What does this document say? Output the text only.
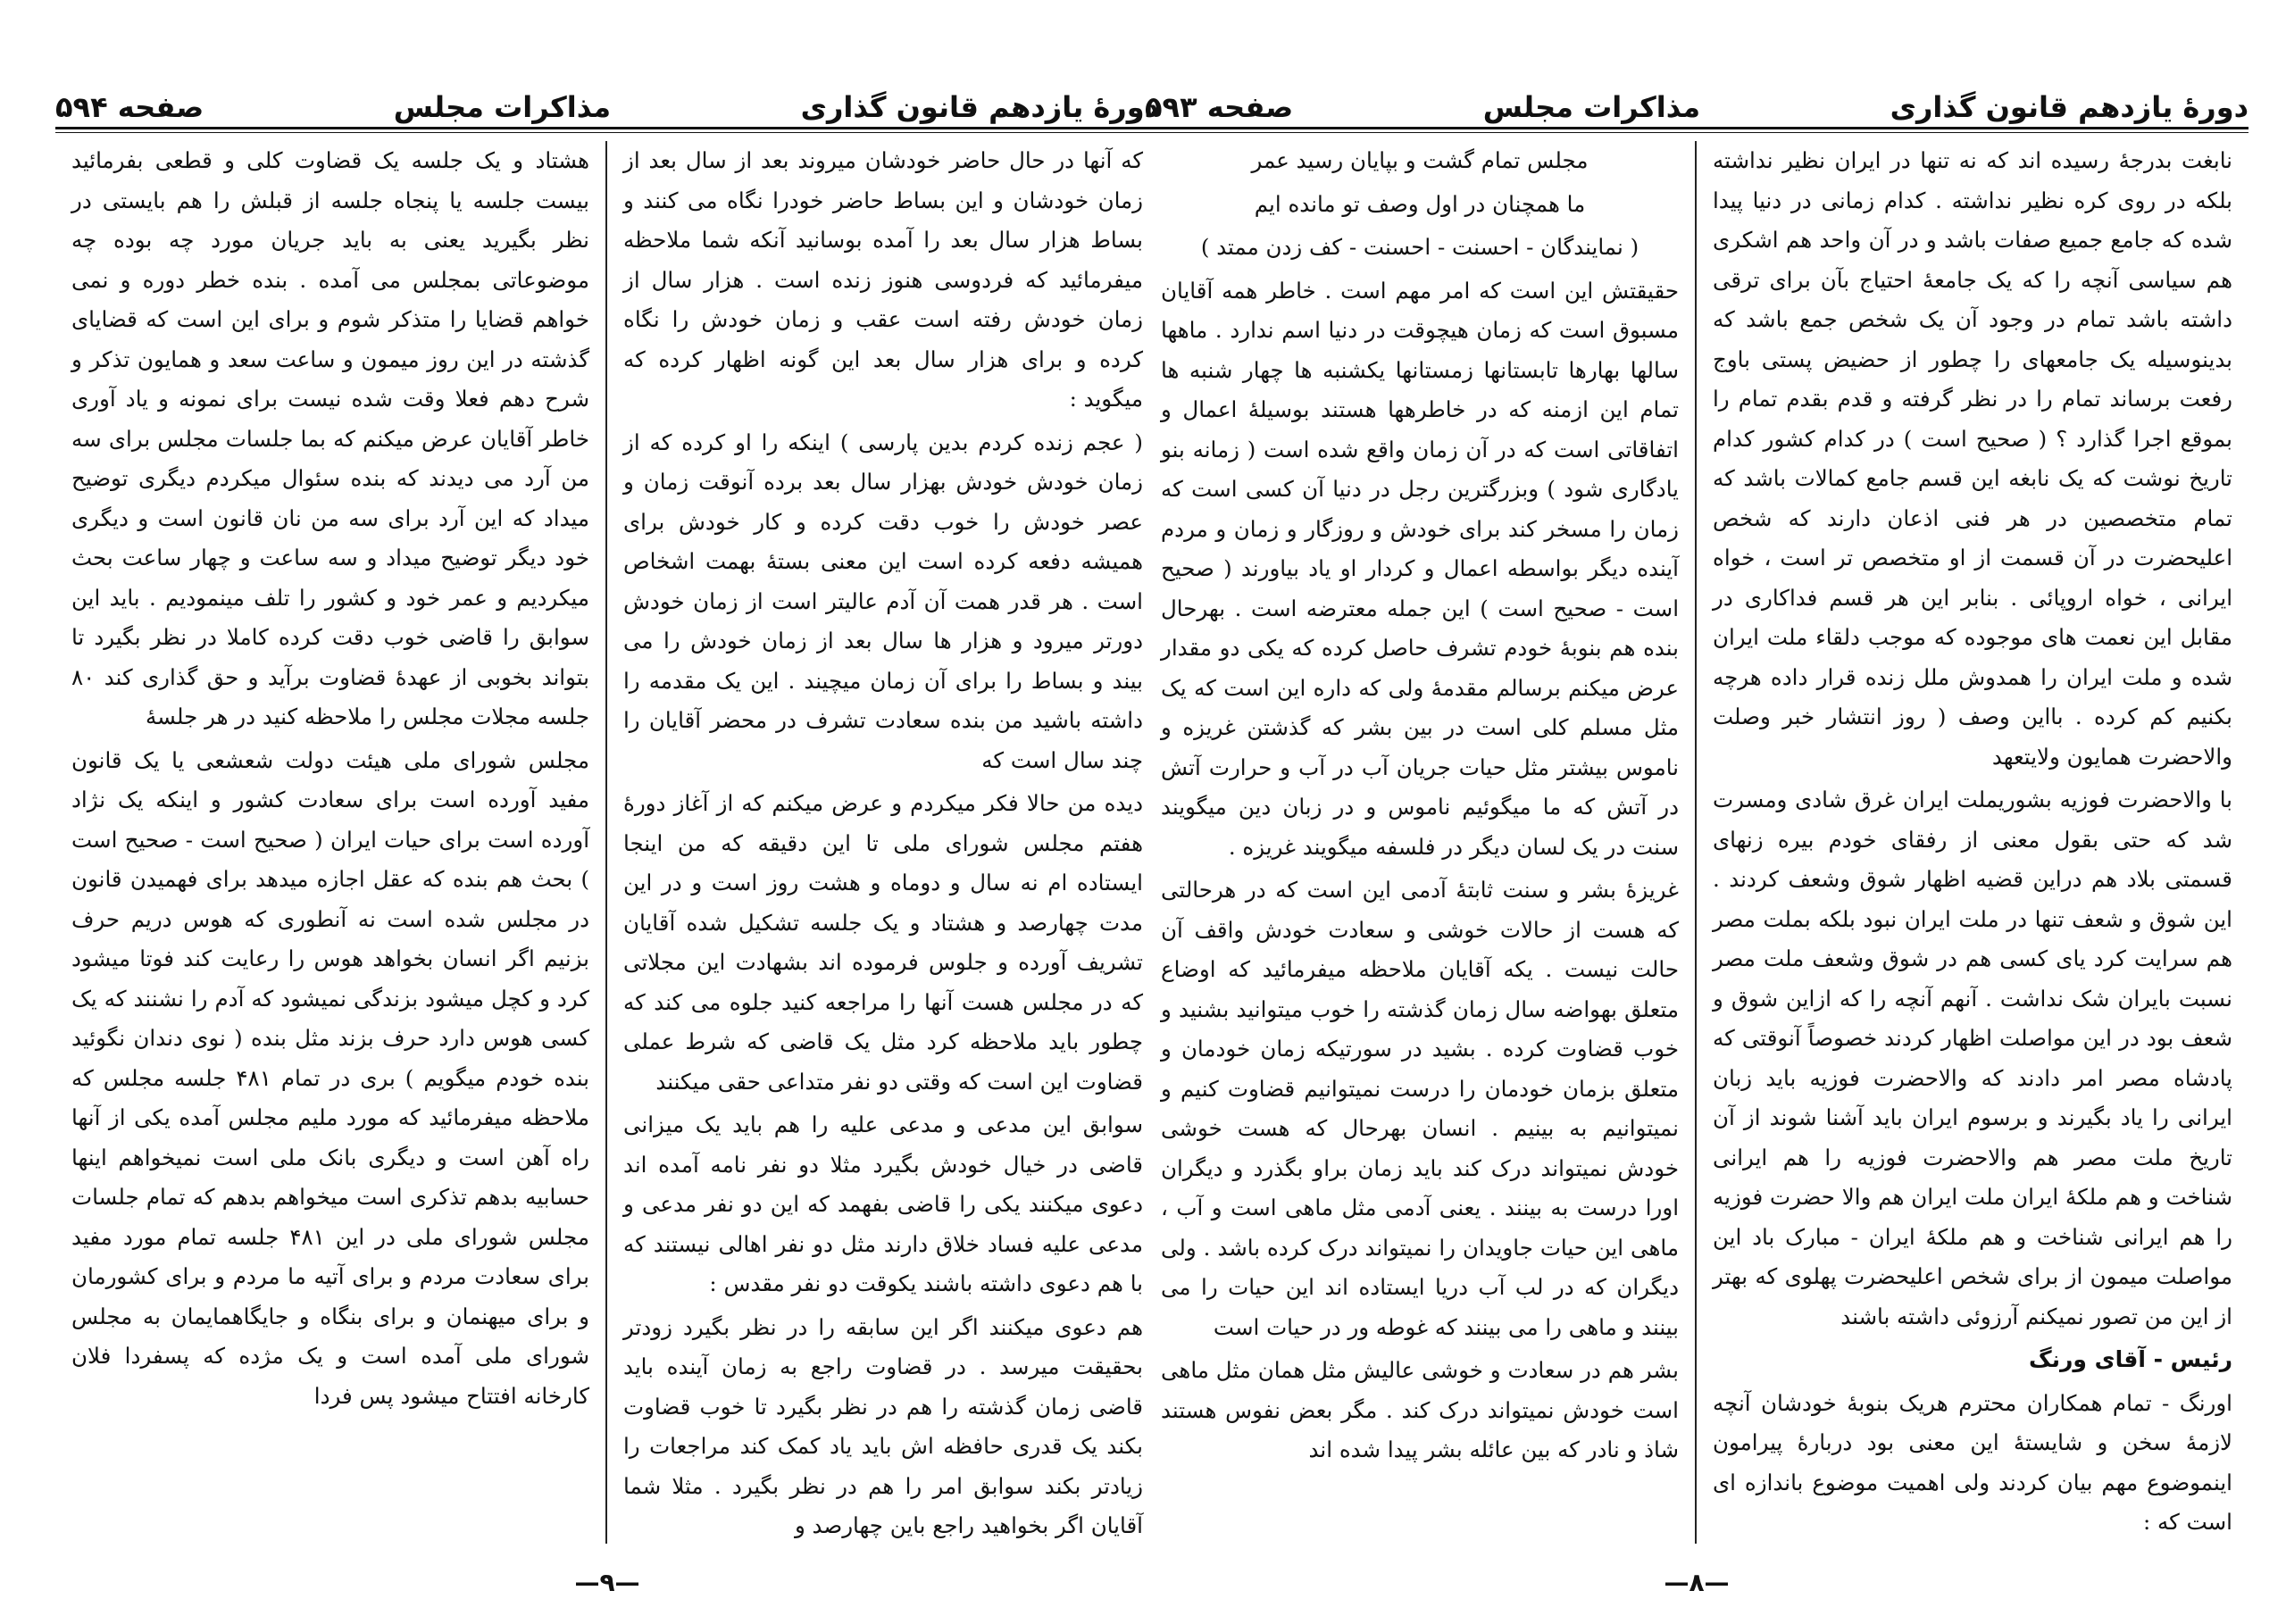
دورهٔ یازدهم قانون گذاری
مذاکرات مجلس
صفحه ۵۹۴

که آنها در حال حاضر خودشان میروند بعد از سال بعد از زمان خودشان و این بساط حاضر خودرا نگاه می کنند و بساط هزار سال بعد را آمده بوسانید آنکه شما ملاحظه میفرمائید که فردوسی هنوز زنده است . هزار سال از زمان خودش رفته است عقب و زمان خودش را نگاه کرده و برای هزار سال بعد این گونه اظهار کرده که میگوید :

( عجم زنده کردم بدین پارسی ) اینکه را او کرده که از زمان خودش خودش بهزار سال بعد برده آنوقت زمان و عصر خودش را خوب دقت کرده و کار خودش برای همیشه دفعه کرده است این معنی بستهٔ بهمت اشخاص است . هر قدر همت آن آدم عالیتر است از زمان خودش دورتر میرود و هزار ها سال بعد از زمان خودش را می بیند و بساط را برای آن زمان میچیند . این یک مقدمه را داشته باشید من بنده سعادت تشرف در محضر آقایان را چند سال است که

دیده من حالا فکر میکردم و عرض میکنم که از آغاز دورهٔ هفتم مجلس شورای ملی تا این دقیقه که من اینجا ایستاده ام نه سال و دوماه و هشت روز است و در این مدت چهارصد و هشتاد و یک جلسه تشکیل شده آقایان تشریف آورده و جلوس فرموده اند بشهادت این مجلاتی که در مجلس هست آنها را مراجعه کنید جلوه می کند که چطور باید ملاحظه کرد مثل یک قاضی که شرط عملی قضاوت این است که وقتی دو نفر متداعی حقی میکنند

سوابق این مدعی و مدعی علیه را هم باید یک میزانی قاضی در خیال خودش بگیرد مثلا دو نفر نامه آمده اند دعوی میکنند یکی را قاضی بفهمد که این دو نفر مدعی و مدعی علیه فساد خلاق دارند مثل دو نفر اهالی نیستند که با هم دعوی داشته باشند یکوقت دو نفر مقدس :

هم دعوی میکنند اگر این سابقه را در نظر بگیرد زودتر بحقیقت میرسد . در قضاوت راجع به زمان آینده باید قاضی زمان گذشته را هم در نظر بگیرد تا خوب قضاوت بکند یک قدری حافظه اش باید یاد کمک کند مراجعات را زیادتر بکند سوابق امر را هم در نظر بگیرد . مثلا شما آقایان اگر بخواهید راجع باین چهارصد و

هشتاد و یک جلسه یک قضاوت کلی و قطعی بفرمائید بیست جلسه یا پنجاه جلسه از قبلش را هم بایستی در نظر بگیرید یعنی به باید جریان مورد چه بوده چه موضوعاتی بمجلس می آمده . بنده خطر دوره و نمی خواهم قضایا را متذکر شوم و برای این است که قضایای گذشته در این روز میمون و ساعت سعد و همایون تذکر و شرح دهم فعلا وقت شده نیست برای نمونه و یاد آوری خاطر آقایان عرض میکنم که بما جلسات مجلس برای سه من آرد می دیدند که بنده سئوال میکردم دیگری توضیح میداد که این آرد برای سه من نان قانون است و دیگری خود دیگر توضیح میداد و سه ساعت و چهار ساعت بحث میکردیم و عمر خود و کشور را تلف مینمودیم . باید این سوابق را قاضی خوب دقت کرده کاملا در نظر بگیرد تا بتواند بخوبی از عهدهٔ قضاوت برآید و حق گذاری کند ۸۰ جلسه مجلات مجلس را ملاحظه کنید در هر جلسهٔ

مجلس شورای ملی هیئت دولت شعشعی یا یک قانون مفید آورده است برای سعادت کشور و اینکه یک نژاد آورده است برای حیات ایران ( صحیح است - صحیح است ) بحث هم بنده که عقل اجازه میدهد برای فهمیدن قانون در مجلس شده است نه آنطوری که هوس دریم حرف بزنیم اگر انسان بخواهد هوس را رعایت کند فوتا میشود کرد و کچل میشود بزندگی نمیشود که آدم را نشنند که یک کسی هوس دارد حرف بزند مثل بنده ( نوی دندان نگوئید بنده خودم میگویم ) بری در تمام ۴۸۱ جلسه مجلس که ملاحظه میفرمائید که مورد ملیم مجلس آمده یکی از آنها راه آهن است و دیگری بانک ملی است نمیخواهم اینها حسابیه بدهم تذکری است میخواهم بدهم که تمام جلسات مجلس شورای ملی در این ۴۸۱ جلسه تمام مورد مفید برای سعادت مردم و برای آتیه ما مردم و برای کشورمان و برای میهنمان و برای بنگاه و جایگاهمایمان به مجلس شورای ملی آمده است و یک مژده که پسفردا فلان کارخانه افتتاح میشود پس فردا

—۹—
دورهٔ یازدهم قانون گذاری
مذاکرات مجلس
صفحه ۵۹۳

نابغت بدرجهٔ رسیده اند که نه تنها در ایران نظیر نداشته بلکه در روی کره نظیر نداشته . کدام زمانی در دنیا پیدا شده که جامع جمیع صفات باشد و در آن واحد هم اشکری هم سیاسی آنچه را که یک جامعهٔ احتیاج بآن برای ترقی داشته باشد تمام در وجود آن یک شخص جمع باشد که بدینوسیله یک جامعهای را چطور از حضیض پستی باوج رفعت برساند تمام را در نظر گرفته و قدم بقدم تمام را بموقع اجرا گذارد ؟ ( صحیح است ) در کدام کشور کدام تاریخ نوشت که یک نابغه این قسم جامع کمالات باشد که تمام متخصصین در هر فنی اذعان دارند که شخص اعلیحضرت در آن قسمت از او متخصص تر است ، خواه ایرانی ، خواه اروپائی . بنابر این هر قسم فداکاری در مقابل این نعمت های موجوده که موجب دلقاء ملت ایران شده و ملت ایران را همدوش ملل زنده قرار داده هرچه بکنیم کم کرده . بااین وصف ( روز انتشار خبر وصلت والاحضرت همایون ولایتعهد

با والاحضرت فوزیه بشوریملت ایران غرق شادی ومسرت شد که حتی بقول معنی از رفقای خودم بیره زنهای قسمتی بلاد هم دراین قضیه اظهار شوق وشعف کردند . این شوق و شعف تنها در ملت ایران نبود بلکه بملت مصر هم سرایت کرد یای کسی هم در شوق وشعف ملت مصر نسبت بایران شک نداشت . آنهم آنچه را که ازاین شوق و شعف بود در این مواصلت اظهار کردند خصوصاً آنوقتی که پادشاه مصر امر دادند که والاحضرت فوزیه باید زبان ایرانی را یاد بگیرند و برسوم ایران باید آشنا شوند از آن تاریخ ملت مصر هم والاحضرت فوزیه را هم ایرانی شناخت و هم ملکهٔ ایران ملت ایران هم والا حضرت فوزیه را هم ایرانی شناخت و هم ملکهٔ ایران - مبارک باد این مواصلت میمون از برای شخص اعلیحضرت پهلوی که بهتر از این من تصور نمیکنم آرزوئی داشته باشند

رئیس - آقای ورنگ

اورنگ - تمام همکاران محترم هریک بنوبهٔ خودشان آنچه لازمهٔ سخن و شایستهٔ این معنی بود دربارهٔ پیرامون اینموضوع مهم بیان کردند ولی اهمیت موضوع باندازه ای است که :

مجلس تمام گشت و بپایان رسید عمر

ما همچنان در اول وصف تو مانده ایم

( نمایندگان - احسنت - احسنت - کف زدن ممتد )

حقیقتش این است که امر مهم است . خاطر همه آقایان مسبوق است که زمان هیچوقت در دنیا اسم ندارد . ماهها سالها بهارها تابستانها زمستانها یکشنبه ها چهار شنبه ها تمام این ازمنه که در خاطرهها هستند بوسیلهٔ اعمال و اتفاقاتی است که در آن زمان واقع شده است ( زمانه بنو یادگاری شود ) وبزرگترین رجل در دنیا آن کسی است که زمان را مسخر کند برای خودش و روزگار و زمان و مردم آینده دیگر بواسطه اعمال و کردار او یاد بیاورند ( صحیح است - صحیح است ) این جمله معترضه است . بهرحال بنده هم بنوبهٔ خودم تشرف حاصل کرده که یکی دو مقدار عرض میکنم برسالم مقدمهٔ ولی که داره این است که یک مثل مسلم کلی است در بین بشر که گذشتن غریزه و ناموس بیشتر مثل حیات جریان آب در آب و حرارت آتش در آتش که ما میگوئیم ناموس و در زبان دین میگویند سنت در یک لسان دیگر در فلسفه میگویند غریزه .

غریزهٔ بشر و سنت ثابتهٔ آدمی این است که در هرحالتی که هست از حالات خوشی و سعادت خودش واقف آن حالت نیست . یکه آقایان ملاحظه میفرمائید که اوضاع متعلق بهواضه سال زمان گذشته را خوب میتوانید بشنید و خوب قضاوت کرده . بشید در سورتیکه زمان خودمان و متعلق بزمان خودمان را درست نمیتوانیم قضاوت کنیم و نمیتوانیم به بینیم . انسان بهرحال که هست خوشی خودش نمیتواند درک کند باید زمان براو بگذرد و دیگران اورا درست به بینند . یعنی آدمی مثل ماهی است و آب ، ماهی این حیات جاویدان را نمیتواند درک کرده باشد . ولی دیگران که در لب آب دریا ایستاده اند این حیات را می بینند و ماهی را می بینند که غوطه ور در حیات است

بشر هم در سعادت و خوشی عالیش مثل همان مثل ماهی است خودش نمیتواند درک کند . مگر بعض نفوس هستند شاذ و نادر که بین عائله بشر پیدا شده اند

—۸—
